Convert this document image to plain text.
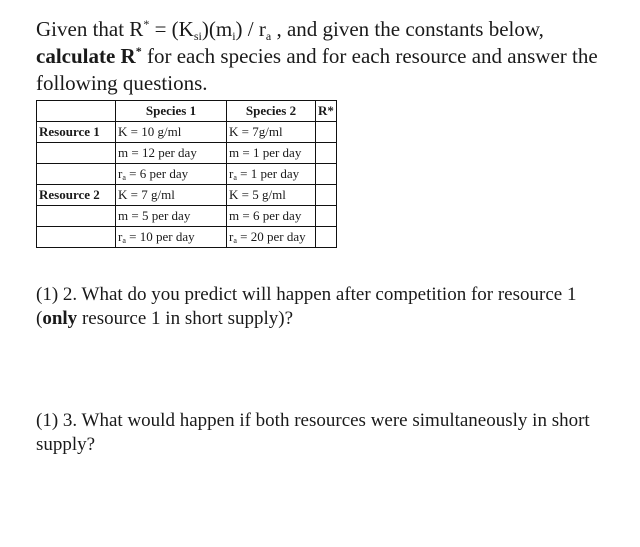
Given that $R^* = (K_{si})(m_i) / r_a$ , and given the constants below,
calculate R* for each species and for each resource and answer the following questions.
	Species 1	Species 2	R*
Resource 1	K = 10 g/ml	K = 7g/ml	
	m = 12 per day	m = 1 per day	
	$r_a = 6$ per day	$r_a = 1$ per day	
Resource 2	K = 7 g/ml	K = 5 g/ml	
	m = 5 per day	m = 6 per day	
	$r_a = 10$ per day	$r_a = 20$ per day	
(1) 2. What do you predict will happen after competition for resource 1 (only resource 1 in short supply)?
(1) 3. What would happen if both resources were simultaneously in short supply?
